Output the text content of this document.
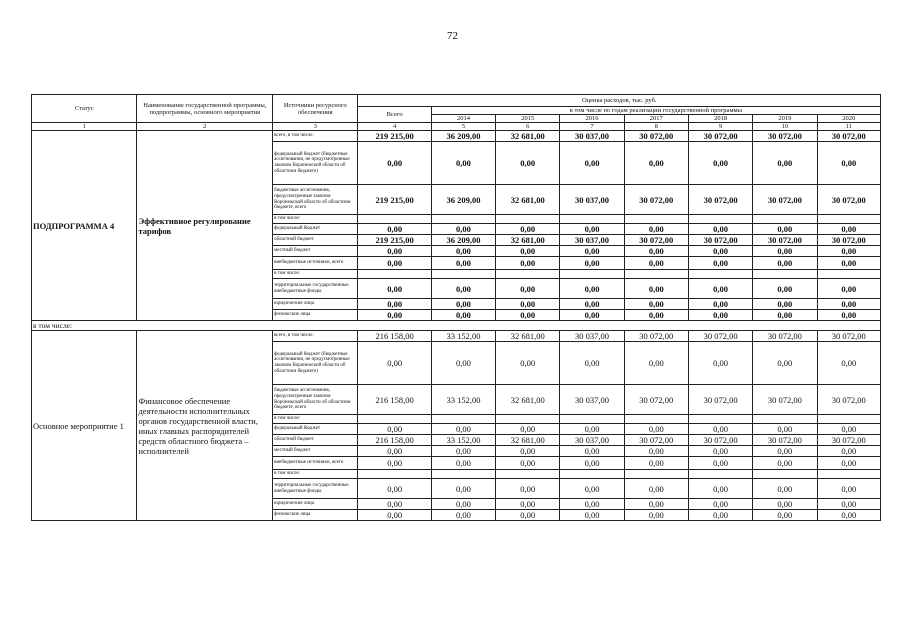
72
Статус	Наименование государственной программы, подпрограммы, основного мероприятия	Источники ресурсного обеспечения	Оценка расходов, тыс. руб.							
			Всего	в том числе по годам реализации государственной программы						
				2014	2015	2016	2017	2018	2019	2020
1	2	3	4	5	6	7	8	9	10	11
ПОДПРОГРАММА 4	Эффективное регулирование тарифов	всего, в том числе:	219 215,00	36 209,00	32 681,00	30 037,00	30 072,00	30 072,00	30 072,00	30 072,00
		федеральный бюджет (бюджетные ассигнования, не предусмотренные законом Воронежской области об областном бюджете)	0,00	0,00	0,00	0,00	0,00	0,00	0,00	0,00
		бюджетные ассигнования, предусмотренные законом Воронежской области об областном бюджете, всего	219 215,00	36 209,00	32 681,00	30 037,00	30 072,00	30 072,00	30 072,00	30 072,00
		в том числе:								
		федеральный бюджет	0,00	0,00	0,00	0,00	0,00	0,00	0,00	0,00
		областной бюджет	219 215,00	36 209,00	32 681,00	30 037,00	30 072,00	30 072,00	30 072,00	30 072,00
		местный бюджет	0,00	0,00	0,00	0,00	0,00	0,00	0,00	0,00
		внебюджетные источники, всего	0,00	0,00	0,00	0,00	0,00	0,00	0,00	0,00
		в том числе:								
		территориальные государственные внебюджетные фонды	0,00	0,00	0,00	0,00	0,00	0,00	0,00	0,00
		юридические лица	0,00	0,00	0,00	0,00	0,00	0,00	0,00	0,00
		физические лица	0,00	0,00	0,00	0,00	0,00	0,00	0,00	0,00
в том числе:										
Основное мероприятие 1	Финансовое обеспечение деятельности исполнительных органов государственной власти, иных главных распорядителей средств областного бюджета – исполнителей	всего, в том числе:	216 158,00	33 152,00	32 681,00	30 037,00	30 072,00	30 072,00	30 072,00	30 072,00
		федеральный бюджет (бюджетные ассигнования, не предусмотренные законом Воронежской области об областном бюджете)	0,00	0,00	0,00	0,00	0,00	0,00	0,00	0,00
		бюджетные ассигнования, предусмотренные законом Воронежской области об областном бюджете, всего	216 158,00	33 152,00	32 681,00	30 037,00	30 072,00	30 072,00	30 072,00	30 072,00
		в том числе:								
		федеральный бюджет	0,00	0,00	0,00	0,00	0,00	0,00	0,00	0,00
		областной бюджет	216 158,00	33 152,00	32 681,00	30 037,00	30 072,00	30 072,00	30 072,00	30 072,00
		местный бюджет	0,00	0,00	0,00	0,00	0,00	0,00	0,00	0,00
		внебюджетные источники, всего	0,00	0,00	0,00	0,00	0,00	0,00	0,00	0,00
		в том числе:								
		территориальные государственные внебюджетные фонды	0,00	0,00	0,00	0,00	0,00	0,00	0,00	0,00
		юридические лица	0,00	0,00	0,00	0,00	0,00	0,00	0,00	0,00
		физические лица	0,00	0,00	0,00	0,00	0,00	0,00	0,00	0,00
